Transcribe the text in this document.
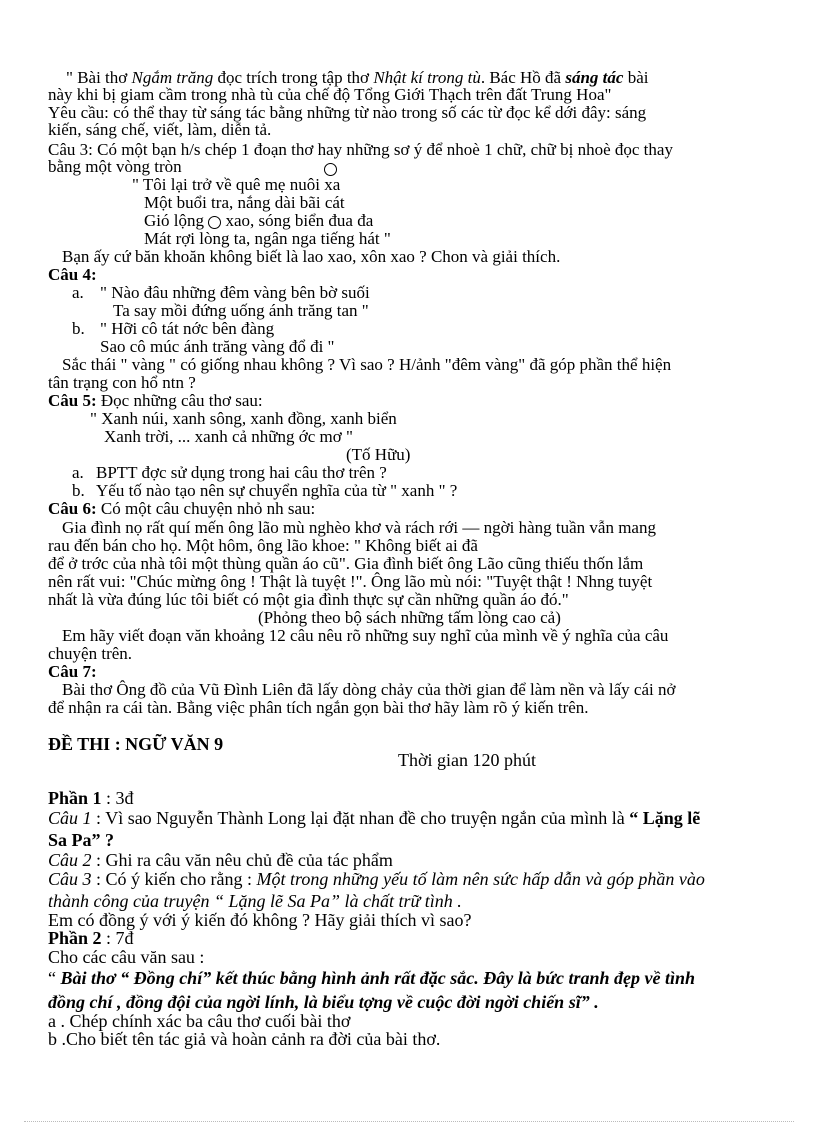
" Bài thơ Ngắm trăng đọc trích trong tập thơ Nhật kí trong tù. Bác Hồ đã sáng tác bài
này khi bị giam cầm trong nhà tù của chế độ Tổng Giới Thạch trên đất Trung Hoa"
Yêu cầu: có thể thay từ sáng tác bằng những từ nào trong số các từ đọc kể dới đây: sáng
kiến, sáng chế, viết, làm, diễn tả.
Câu 3: Có một bạn h/s chép 1 đoạn thơ hay những sơ ý để nhoè 1 chữ, chữ bị nhoè đọc thay
bằng một vòng tròn
" Tôi lại trở về quê mẹ nuôi xa
Một buổi tra, nắng dài bãi cát
Gió lộng  xao, sóng biển đua đa
Mát rợi lòng ta, ngân nga tiếng hát "
Bạn ấy cứ băn khoăn không biết là lao xao, xôn xao ? Chon và giải thích.
Câu 4:
a. " Nào đâu những đêm vàng bên bờ suối
Ta say mồi đứng uống ánh trăng tan "
b. " Hỡi cô tát nớc bên đàng
Sao cô múc ánh trăng vàng đổ đi "
Sắc thái " vàng " có giống nhau không ? Vì sao ? H/ảnh "đêm vàng" đã góp phần thể hiện
tân trạng con hổ ntn ?
Câu 5: Đọc những câu thơ sau:
" Xanh núi, xanh sông, xanh đồng, xanh biển
Xanh trời, ... xanh cả những ớc mơ "
(Tố Hữu)
a. BPTT đợc sử dụng trong hai câu thơ trên ?
b. Yếu tố nào tạo nên sự chuyển nghĩa của từ " xanh " ?
Câu 6: Có một câu chuyện nhỏ nh sau:
Gia đình nọ rất quí mến ông lão mù nghèo khơ và rách rới — ngời hàng tuần vẫn mang
rau đến bán cho họ. Một hôm, ông lão khoe: " Không biết ai đã
để ở trớc của nhà tôi một thùng quần áo cũ". Gia đình biết ông Lão cũng thiếu thốn lắm
nên rất vui: "Chúc mừng ông ! Thật là tuyệt !". Ông lão mù nói: "Tuyệt thật ! Nhng tuyệt
nhất là vừa đúng lúc tôi biết có một gia đình thực sự cần những quần áo đó."
(Phỏng theo bộ sách những tấm lòng cao cả)
Em hãy viết đoạn văn khoảng 12 câu nêu rõ những suy nghĩ của mình về ý nghĩa của câu
chuyện trên.
Câu 7:
Bài thơ Ông đồ của Vũ Đình Liên đã lấy dòng chảy của thời gian để làm nền và lấy cái nở
để nhận ra cái tàn. Bằng việc phân tích ngắn gọn bài thơ hãy làm rõ ý kiến trên.
ĐỀ THI : NGỮ VĂN 9
Thời gian 120 phút
Phần 1 : 3đ
Câu 1 : Vì sao Nguyễn Thành Long lại đặt nhan đề cho truyện ngắn của mình là “ Lặng lẽ
Sa Pa” ?
Câu 2 : Ghi ra câu văn nêu chủ đề của tác phẩm
Câu 3 : Có ý kiến cho rằng : Một trong những yếu tố làm nên sức hấp dẫn và góp phần vào
thành công của truyện “ Lặng lẽ Sa Pa” là chất trữ tình .
Em có đồng ý với ý kiến đó không ? Hãy giải thích vì sao?
Phần 2 : 7đ
Cho các câu văn sau :
“ Bài thơ “ Đồng chí” kết thúc bằng hình ảnh rất đặc sắc. Đây là bức tranh đẹp về tình
đồng chí , đồng đội của ngời lính, là biểu tợng về cuộc đời ngời chiến sĩ” .
a . Chép chính xác ba câu thơ cuối bài thơ
b .Cho biết tên tác giả và hoàn cảnh ra đời của bài thơ.
